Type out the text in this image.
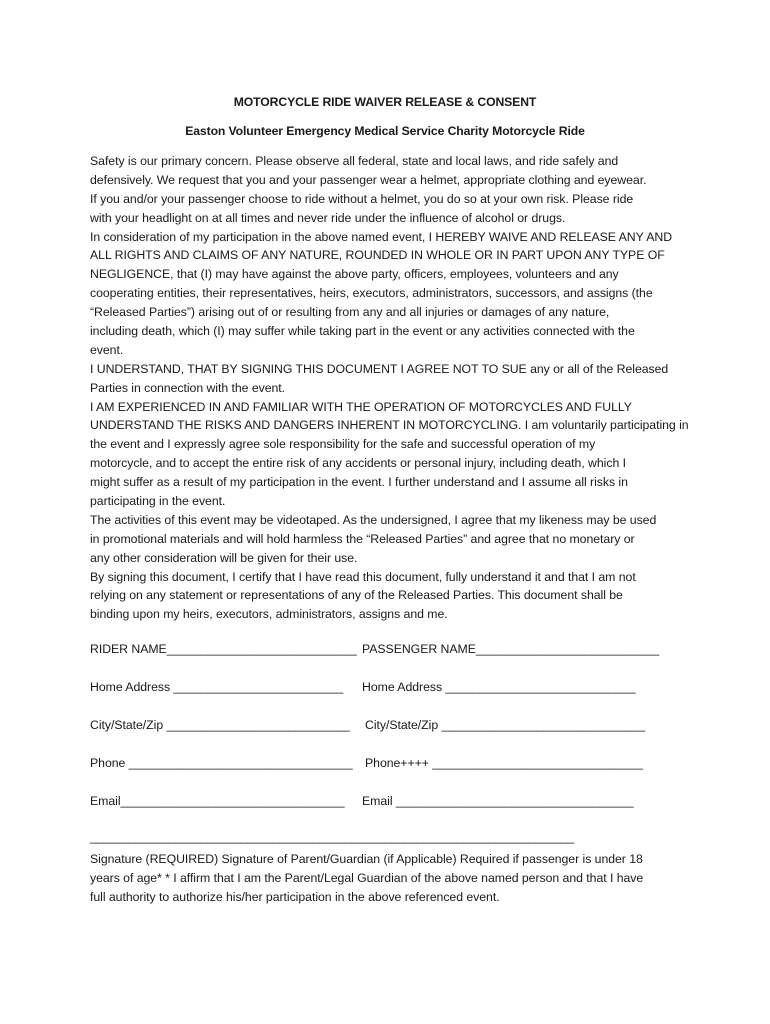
MOTORCYCLE RIDE WAIVER RELEASE & CONSENT
Easton Volunteer Emergency Medical Service Charity Motorcycle Ride
Safety is our primary concern. Please observe all federal, state and local laws, and ride safely and
defensively. We request that you and your passenger wear a helmet, appropriate clothing and eyewear.
If you and/or your passenger choose to ride without a helmet, you do so at your own risk. Please ride
with your headlight on at all times and never ride under the influence of alcohol or drugs.
In consideration of my participation in the above named event, I HEREBY WAIVE AND RELEASE ANY AND
ALL RIGHTS AND CLAIMS OF ANY NATURE, ROUNDED IN WHOLE OR IN PART UPON ANY TYPE OF
NEGLIGENCE, that (I) may have against the above party, officers, employees, volunteers and any
cooperating entities, their representatives, heirs, executors, administrators, successors, and assigns (the
“Released Parties”) arising out of or resulting from any and all injuries or damages of any nature,
including death, which (I) may suffer while taking part in the event or any activities connected with the
event.
I UNDERSTAND, THAT BY SIGNING THIS DOCUMENT I AGREE NOT TO SUE any or all of the Released
Parties in connection with the event.
I AM EXPERIENCED IN AND FAMILIAR WITH THE OPERATION OF MOTORCYCLES AND FULLY
UNDERSTAND THE RISKS AND DANGERS INHERENT IN MOTORCYCLING. I am voluntarily participating in
the event and I expressly agree sole responsibility for the safe and successful operation of my
motorcycle, and to accept the entire risk of any accidents or personal injury, including death, which I
might suffer as a result of my participation in the event. I further understand and I assume all risks in
participating in the event.
The activities of this event may be videotaped. As the undersigned, I agree that my likeness may be used
in promotional materials and will hold harmless the “Released Parties” and agree that no monetary or
any other consideration will be given for their use.
By signing this document, I certify that I have read this document, fully understand it and that I am not
relying on any statement or representations of any of the Released Parties. This document shall be
binding upon my heirs, executors, administrators, assigns and me.
RIDER NAME____________________________ PASSENGER NAME___________________________
Home Address _________________________ Home Address ____________________________
City/State/Zip ___________________________ City/State/Zip ______________________________
Phone _________________________________ Phone++++ _______________________________
Email_________________________________ Email ___________________________________
__________________________________________________________________________
Signature (REQUIRED) Signature of Parent/Guardian (if Applicable) Required if passenger is under 18
years of age* * I affirm that I am the Parent/Legal Guardian of the above named person and that I have
full authority to authorize his/her participation in the above referenced event.
